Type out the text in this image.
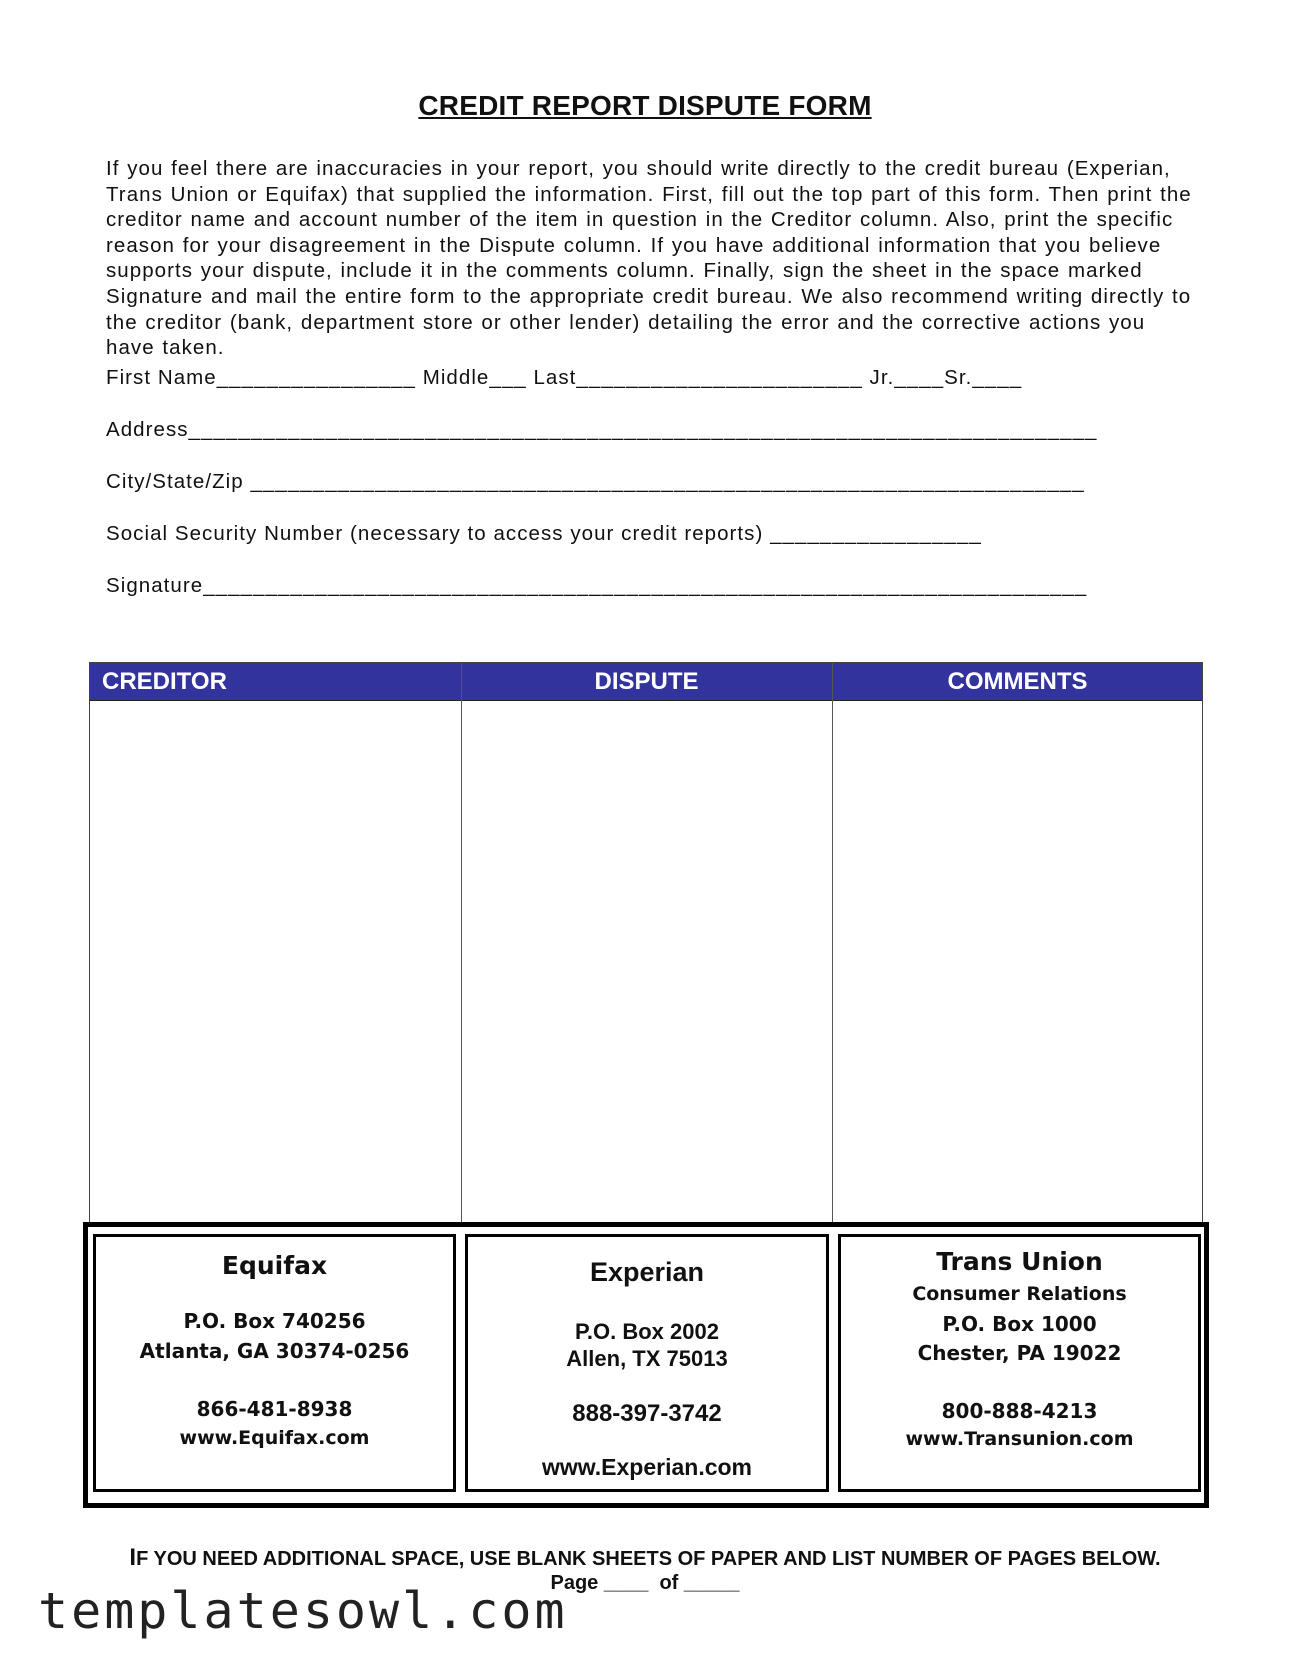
CREDIT REPORT DISPUTE FORM
If you feel there are inaccuracies in your report, you should write directly to the credit bureau (Experian, Trans Union or Equifax) that supplied the information. First, fill out the top part of this form. Then print the creditor name and account number of the item in question in the Creditor column. Also, print the specific reason for your disagreement in the Dispute column. If you have additional information that you believe supports your dispute, include it in the comments column. Finally, sign the sheet in the space marked Signature and mail the entire form to the appropriate credit bureau. We also recommend writing directly to the creditor (bank, department store or other lender) detailing the error and the corrective actions you have taken.
First Name________________ Middle___ Last_______________________ Jr.____Sr.____
Address_________________________________________________________________________
City/State/Zip ___________________________________________________________________
Social Security Number (necessary to access your credit reports) _________________
Signature_______________________________________________________________________
CREDITOR	DISPUTE	COMMENTS
Equifax
P.O. Box 740256
Atlanta, GA 30374-0256
866-481-8938
www.Equifax.com
Experian
P.O. Box 2002
Allen, TX 75013
888-397-3742
www.Experian.com
Trans Union
Consumer Relations
P.O. Box 1000
Chester, PA 19022
800-888-4213
www.Transunion.com
IF YOU NEED ADDITIONAL SPACE, USE BLANK SHEETS OF PAPER AND LIST NUMBER OF PAGES BELOW.
Page ____  of _____
templatesowl.com
